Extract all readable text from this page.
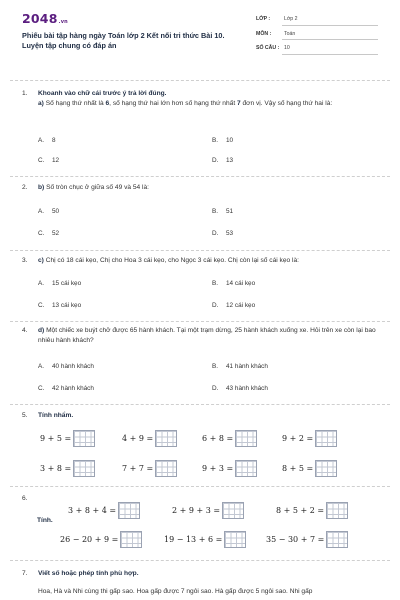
2048.vn
Phiếu bài tập hàng ngày Toán lớp 2 Kết nối tri thức Bài 10. Luyện tập chung có đáp án
LỚP :	Lớp 2
MÔN : Toán
SỐ CÂU : 10
1. Khoanh vào chữ cái trước ý trả lời đúng.
a) Số hạng thứ nhất là 6, số hạng thứ hai lớn hơn số hạng thứ nhất 7 đơn vị. Vậy số hạng thứ hai là:
A. 8	B. 10
C. 12	D. 13
2. b) Số tròn chục ở giữa số 49 và 54 là:
A. 50	B. 51
C. 52	D. 53
3. c) Chị có 18 cái kẹo, Chị cho Hoa 3 cái kẹo, cho Ngọc 3 cái kẹo. Chị còn lại số cái kẹo là:
A. 15 cái kẹo	B. 14 cái kẹo
C. 13 cái kẹo	D. 12 cái kẹo
4. d) Một chiếc xe buýt chở được 65 hành khách. Tại một trạm dừng, 25 hành khách xuống xe. Hỏi trên xe còn lại bao nhiêu hành khách?
A. 40 hành khách	B. 41 hành khách
C. 42 hành khách	D. 43 hành khách
5. Tính nhẩm.
9 + 5 =	4 + 9 =	6 + 8 =	9 + 2 =
3 + 8 =	7 + 7 =	9 + 3 =	8 + 5 =
6.
Tính.
3 + 8 + 4 =	2 + 9 + 3 =	8 + 5 + 2 =
26 − 20 + 9 =	19 − 13 + 6 =	35 − 30 + 7 =
7. Viết số hoặc phép tính phù hợp.
Hoa, Hà và Nhi cùng thi gấp sao. Hoa gấp được 7 ngôi sao. Hà gấp được 5 ngôi sao. Nhi gấp
